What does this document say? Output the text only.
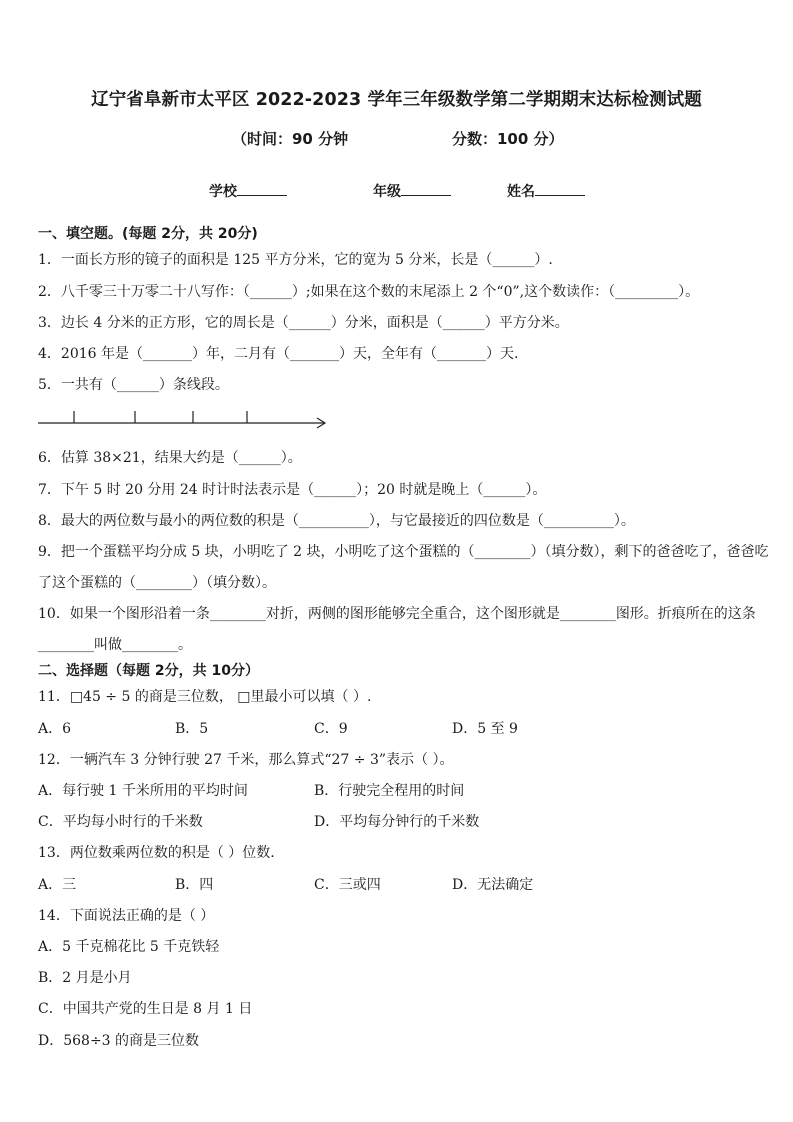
辽宁省阜新市太平区 2022-2023 学年三年级数学第二学期期末达标检测试题
（时间：90 分钟	分数：100 分）
学校	年级	姓名
一、填空题。(每题 2分，共 20分)
1．一面长方形的镜子的面积是 125 平方分米，它的宽为 5 分米，长是（______）.
2．八千零三十万零二十八写作：（______）;如果在这个数的末尾添上 2 个“0”,这个数读作：（_________）。
3．边长 4 分米的正方形，它的周长是（______）分米，面积是（______）平方分米。
4．2016 年是（_______）年，二月有（_______）天，全年有（_______）天.
5．一共有（______）条线段。
6．估算 38×21，结果大约是（______）。
7．下午 5 时 20 分用 24 时计时法表示是（______）；20 时就是晚上（______）。
8．最大的两位数与最小的两位数的积是（__________），与它最接近的四位数是（__________）。
9．把一个蛋糕平均分成 5 块，小明吃了 2 块，小明吃了这个蛋糕的（________）（填分数），剩下的爸爸吃了，爸爸吃
了这个蛋糕的（________）（填分数）。
10．如果一个图形沿着一条________对折，两侧的图形能够完全重合，这个图形就是________图形。折痕所在的这条
________叫做________。
二、选择题（每题 2分，共 10分）
11．□45 ÷ 5 的商是三位数， □里最小可以填（ ）.
A．6	B．5	C．9	D．5 至 9
12．一辆汽车 3 分钟行驶 27 千米，那么算式“27 ÷ 3”表示（ ）。
A．每行驶 1 千米所用的平均时间	B．行驶完全程用的时间
C．平均每小时行的千米数	D．平均每分钟行的千米数
13．两位数乘两位数的积是（ ）位数.
A．三	B．四	C．三或四	D．无法确定
14．下面说法正确的是（ ）
A．5 千克棉花比 5 千克铁轻
B．2 月是小月
C．中国共产党的生日是 8 月 1 日
D．568÷3 的商是三位数
